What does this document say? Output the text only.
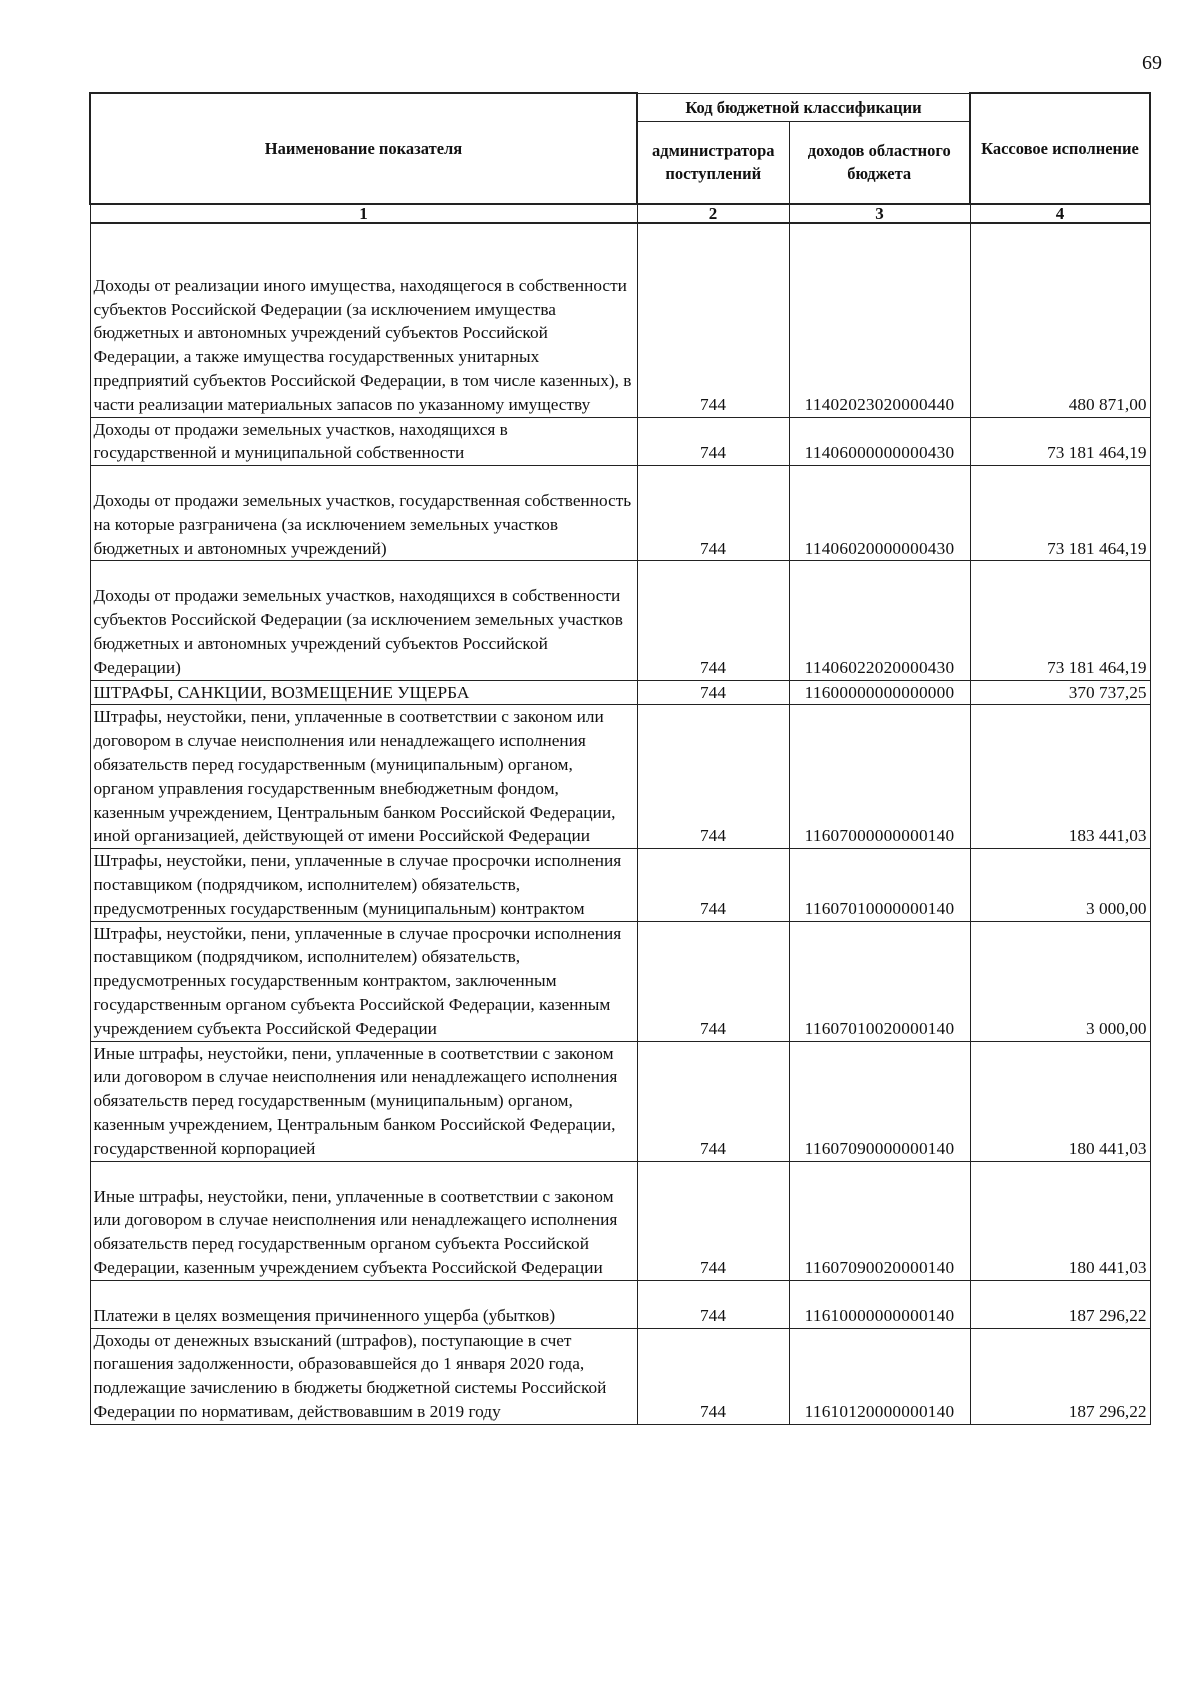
69
Наименование показателя	Код бюджетной классификации		Кассовое исполнение
	администратора поступлений	доходов областного бюджета	
1	2	3	4
Доходы от реализации иного имущества, находящегося в собственности субъектов Российской Федерации (за исключением имущества бюджетных и автономных учреждений субъектов Российской Федерации, а также имущества государственных унитарных предприятий субъектов Российской Федерации, в том числе казенных), в части реализации материальных запасов по указанному имуществу	744	11402023020000440	480 871,00
Доходы от продажи земельных участков, находящихся в государственной и муниципальной собственности	744	11406000000000430	73 181 464,19
Доходы от продажи земельных участков, государственная собственность на которые разграничена (за исключением земельных участков бюджетных и автономных учреждений)	744	11406020000000430	73 181 464,19
Доходы от продажи земельных участков, находящихся в собственности субъектов Российской Федерации (за исключением земельных участков бюджетных и автономных учреждений субъектов Российской Федерации)	744	11406022020000430	73 181 464,19
ШТРАФЫ, САНКЦИИ, ВОЗМЕЩЕНИЕ УЩЕРБА	744	11600000000000000	370 737,25
Штрафы, неустойки, пени, уплаченные в соответствии с законом или договором в случае неисполнения или ненадлежащего исполнения обязательств перед государственным (муниципальным) органом, органом управления государственным внебюджетным фондом, казенным учреждением, Центральным банком Российской Федерации, иной организацией, действующей от имени Российской Федерации	744	11607000000000140	183 441,03
Штрафы, неустойки, пени, уплаченные в случае просрочки исполнения поставщиком (подрядчиком, исполнителем) обязательств, предусмотренных государственным (муниципальным) контрактом	744	11607010000000140	3 000,00
Штрафы, неустойки, пени, уплаченные в случае просрочки исполнения поставщиком (подрядчиком, исполнителем) обязательств, предусмотренных государственным контрактом, заключенным государственным органом субъекта Российской Федерации, казенным учреждением субъекта Российской Федерации	744	11607010020000140	3 000,00
Иные штрафы, неустойки, пени, уплаченные в соответствии с законом или договором в случае неисполнения или ненадлежащего исполнения обязательств перед государственным (муниципальным) органом, казенным учреждением, Центральным банком Российской Федерации, государственной корпорацией	744	11607090000000140	180 441,03
Иные штрафы, неустойки, пени, уплаченные в соответствии с законом или договором в случае неисполнения или ненадлежащего исполнения обязательств перед государственным органом субъекта Российской Федерации, казенным учреждением субъекта Российской Федерации	744	11607090020000140	180 441,03
Платежи в целях возмещения причиненного ущерба (убытков)	744	11610000000000140	187 296,22
Доходы от денежных взысканий (штрафов), поступающие в счет погашения задолженности, образовавшейся до 1 января 2020 года, подлежащие зачислению в бюджеты бюджетной системы Российской Федерации по нормативам, действовавшим в 2019 году	744	11610120000000140	187 296,22
